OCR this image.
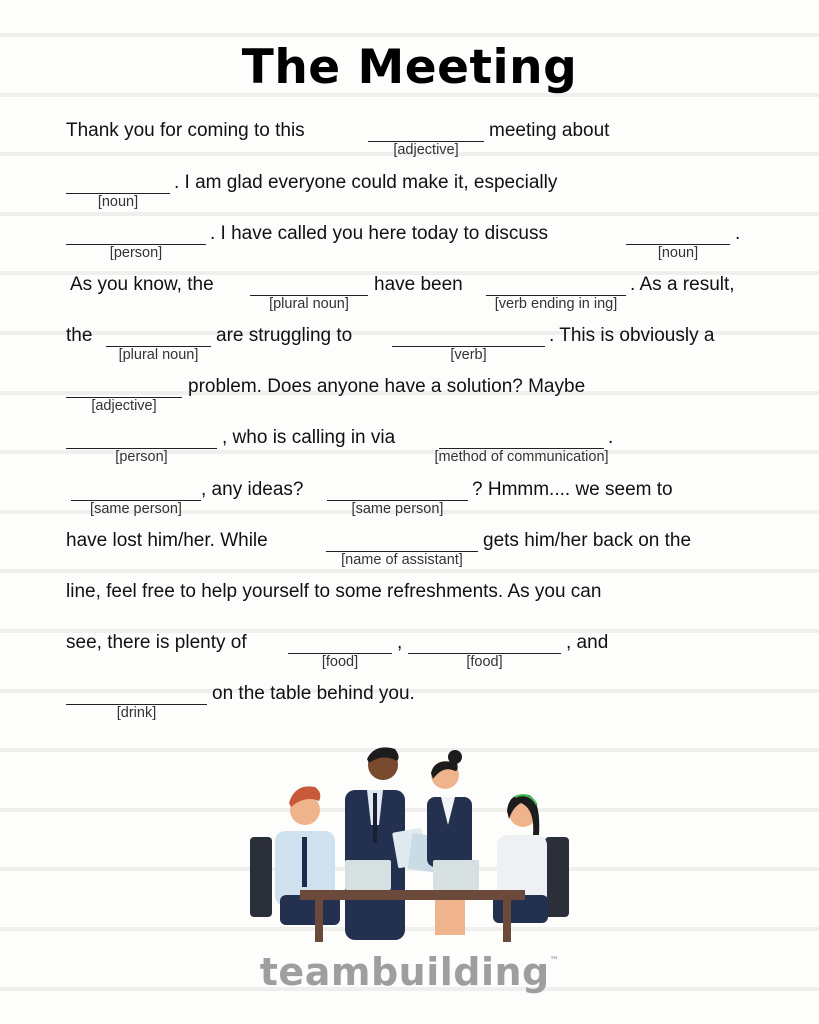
The Meeting
Thank you for coming to this
[adjective]
meeting about
[noun]
. I am glad everyone could make it, especially
[person]
. I have called you here today to discuss
[noun]
.
As you know, the
[plural noun]
have been
[verb ending in ing]
. As a result,
the
[plural noun]
are struggling to
[verb]
. This is obviously a
[adjective]
problem. Does anyone have a solution? Maybe
[person]
, who is calling in via
[method of communication]
.
[same person]
, any ideas?
[same person]
? Hmmm.... we seem to
have lost him/her. While
[name of assistant]
gets him/her back on the
line, feel free to help yourself to some refreshments. As you can
see, there is plenty of
[food]
,
[food]
, and
[drink]
on the table behind you.
teambuilding™
